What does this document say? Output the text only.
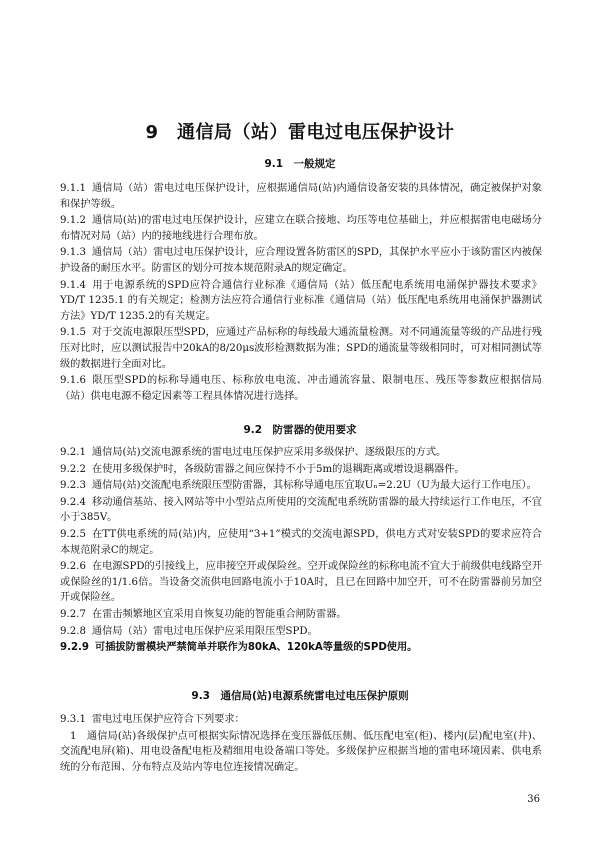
9　通信局（站）雷电过电压保护设计
9.1　一般规定

9.1.1 通信局（站）雷电过电压保护设计，应根据通信局(站)内通信设备安装的具体情况，确定被保护对象和保护等级。

9.1.2 通信局(站)的雷电过电压保护设计，应建立在联合接地、均压等电位基础上，并应根据雷电电磁场分布情况对局（站）内的接地线进行合理布放。

9.1.3 通信局（站）雷电过电压保护设计，应合理设置各防雷区的SPD，其保护水平应小于该防雷区内被保护设备的耐压水平。防雷区的划分可按本规范附录A的规定确定。

9.1.4 用于电源系统的SPD应符合通信行业标准《通信局（站）低压配电系统用电涌保护器技术要求》YD/T 1235.1 的有关规定；检测方法应符合通信行业标准《通信局（站）低压配电系统用电涌保护器测试方法》YD/T 1235.2的有关规定。

9.1.5 对于交流电源限压型SPD，应通过产品标称的每线最大通流量检测。对不同通流量等级的产品进行残压对比时，应以测试报告中20kA的8/20μs波形检测数据为准；SPD的通流量等级相同时，可对相同测试等级的数据进行全面对比。

9.1.6 限压型SPD的标称导通电压、标称放电电流、冲击通流容量、限制电压、残压等参数应根据信局（站）供电电源不稳定因素等工程具体情况进行选择。

9.2　防雷器的使用要求

9.2.1 通信局(站)交流电源系统的雷电过电压保护应采用多级保护、逐级限压的方式。

9.2.2 在使用多级保护时，各级防雷器之间应保持不小于5m的退耦距离或增设退耦器件。

9.2.3 通信局(站)交流配电系统限压型防雷器，其标称导通电压宜取Uₙ=2.2U（U为最大运行工作电压）。

9.2.4 移动通信基站、接入网站等中小型站点所使用的交流配电系统防雷器的最大持续运行工作电压，不宜小于385V。

9.2.5 在TT供电系统的局(站)内，应使用“3+1”模式的交流电源SPD，供电方式对安装SPD的要求应符合本规范附录C的规定。

9.2.6 在电源SPD的引接线上，应串接空开或保险丝。空开或保险丝的标称电流不宜大于前级供电线路空开或保险丝的1/1.6倍。当设备交流供电回路电流小于10A时，且已在回路中加空开，可不在防雷器前另加空开或保险丝。

9.2.7 在雷击频繁地区宜采用自恢复功能的智能重合闸防雷器。

9.2.8 通信局（站）雷电过电压保护应采用限压型SPD。

9.2.9 可插拔防雷模块严禁简单并联作为80kA、120kA等量级的SPD使用。

9.3　通信局(站)电源系统雷电过电压保护原则

9.3.1 雷电过电压保护应符合下列要求：

1　通信局(站)各级保护点可根据实际情况选择在变压器低压侧、低压配电室(柜)、楼内(层)配电室(井)、交流配电屏(箱)、用电设备配电柜及精细用电设备端口等处。多级保护应根据当地的雷电环境因素、供电系统的分布范围、分布特点及站内等电位连接情况确定。

36
